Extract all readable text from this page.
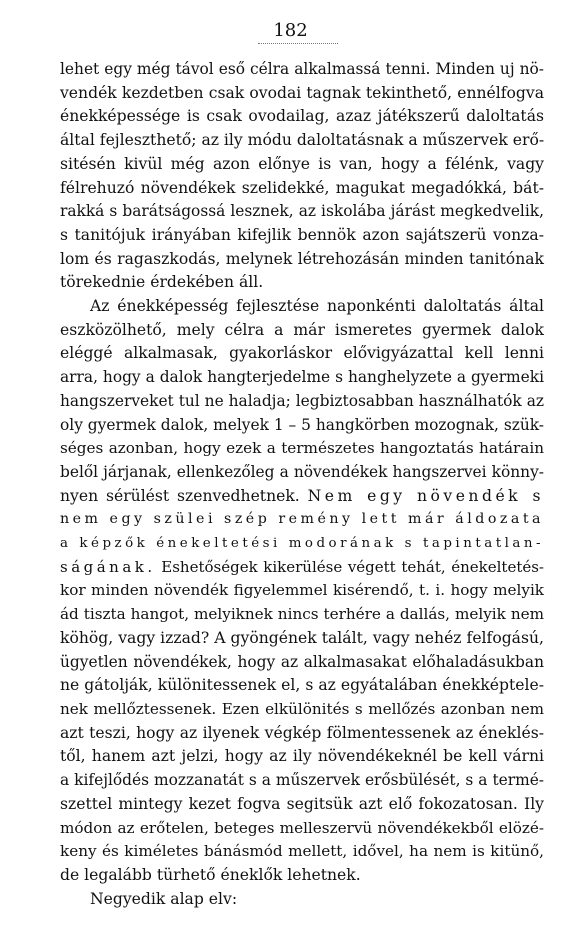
182
lehet egy még távol eső célra alkalmassá tenni. Minden uj nö-
vendék kezdetben csak ovodai tagnak tekinthető, ennélfogva
énekképessége is csak ovodailag, azaz játékszerű daloltatás
által fejleszthető; az ily módu daloltatásnak a műszervek erő-
sitésén kivül még azon előnye is van, hogy a félénk, vagy
félrehuzó növendékek szelidekké, magukat megadókká, bát-
rakká s barátságossá lesznek, az iskolába járást megkedvelik,
s tanitójuk irányában kifejlik bennök azon sajátszerü vonza-
lom és ragaszkodás, melynek létrehozásán minden tanitónak
törekednie érdekében áll.
Az énekképesség fejlesztése naponkénti daloltatás által
eszközölhető, mely célra a már ismeretes gyermek dalok
eléggé alkalmasak, gyakorláskor elővigyázattal kell lenni
arra, hogy a dalok hangterjedelme s hanghelyzete a gyermeki
hangszerveket tul ne haladja; legbiztosabban használhatók az
oly gyermek dalok, melyek 1 – 5 hangkörben mozognak, szük-
séges azonban, hogy ezek a természetes hangoztatás határain
belől járjanak, ellenkezőleg a növendékek hangszervei könny-
nyen sérülést szenvedhetnek. Nem egy növendék s
nem egy szülei szép remény lett már áldozata
a képzők énekeltetési modorának s tapintatlan-
ságának. Eshetőségek kikerülése végett tehát, énekeltetés-
kor minden növendék figyelemmel kisérendő, t. i. hogy melyik
ád tiszta hangot, melyiknek nincs terhére a dallás, melyik nem
köhög, vagy izzad? A gyöngének talált, vagy nehéz felfogású,
ügyetlen növendékek, hogy az alkalmasakat előhaladásukban
ne gátolják, különitessenek el, s az egyátalában énekképtele-
nek mellőztessenek. Ezen elkülönités s mellőzés azonban nem
azt teszi, hogy az ilyenek végkép fölmentessenek az éneklés-
től, hanem azt jelzi, hogy az ily növendékeknél be kell várni
a kifejlődés mozzanatát s a műszervek erősbülését, s a termé-
szettel mintegy kezet fogva segitsük azt elő fokozatosan. Ily
módon az erőtelen, beteges melleszervü növendékekből elözé-
keny és kiméletes bánásmód mellett, idővel, ha nem is kitünő,
de legalább türhető éneklők lehetnek.
Negyedik alap elv:
